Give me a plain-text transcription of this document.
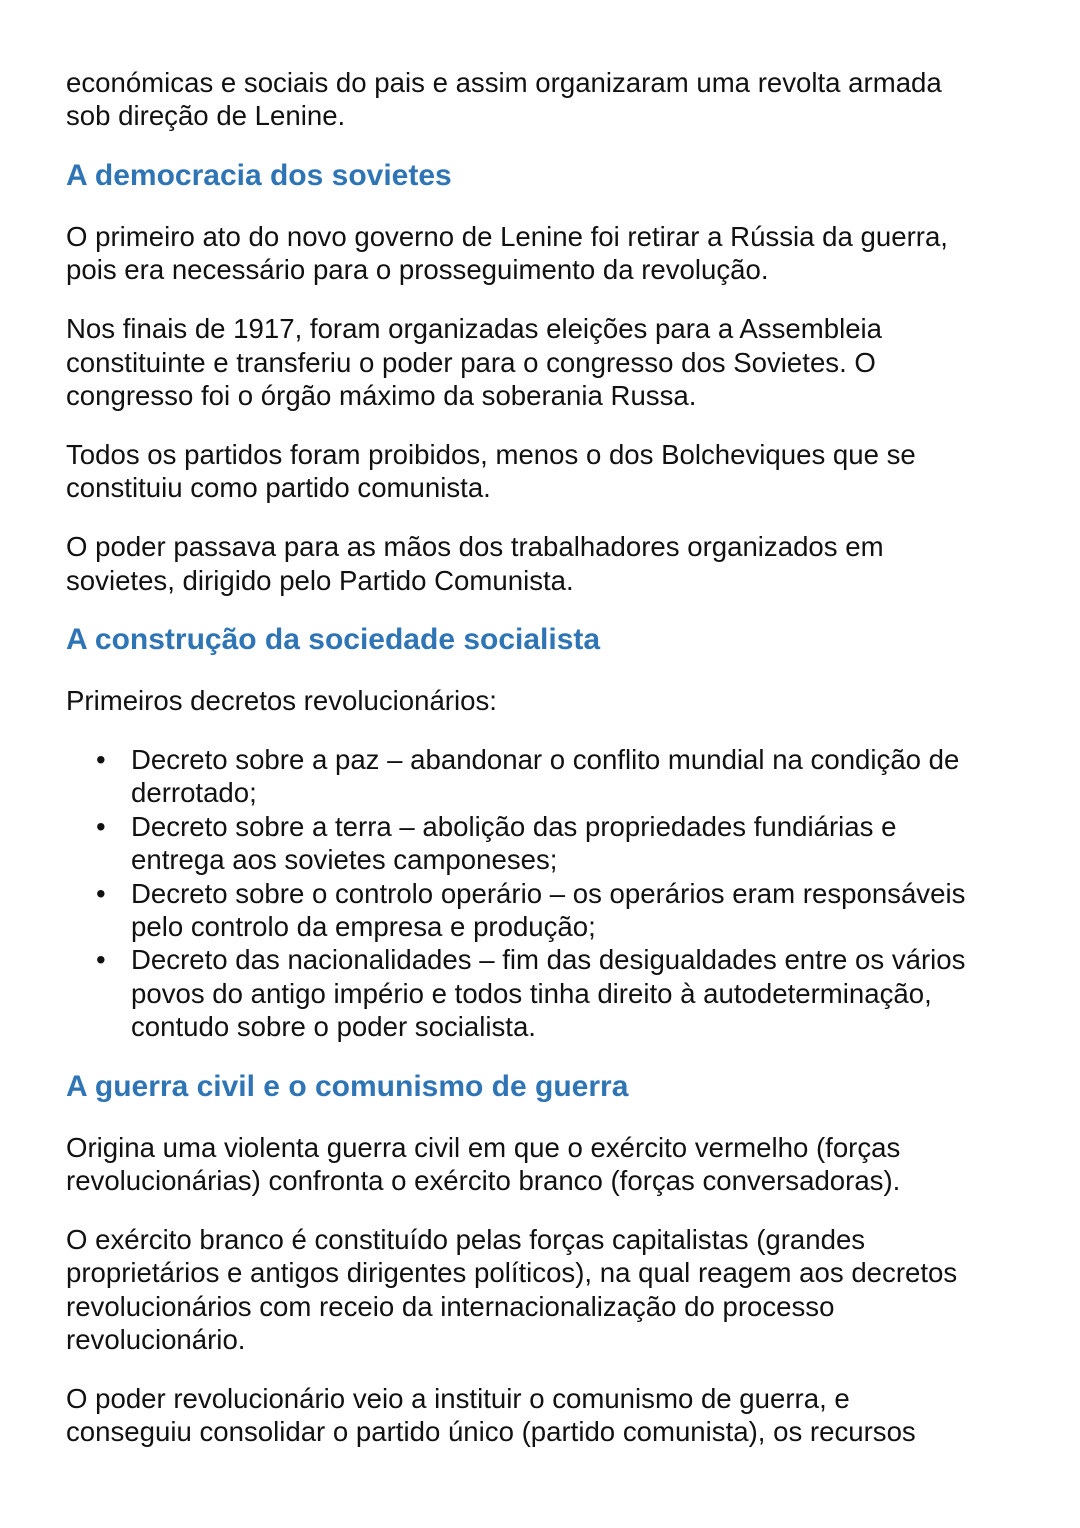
económicas e sociais do pais e assim organizaram uma revolta armada
sob direção de Lenine.
A democracia dos sovietes
O primeiro ato do novo governo de Lenine foi retirar a Rússia da guerra,
pois era necessário para o prosseguimento da revolução.
Nos finais de 1917, foram organizadas eleições para a Assembleia
constituinte e transferiu o poder para o congresso dos Sovietes. O
congresso foi o órgão máximo da soberania Russa.
Todos os partidos foram proibidos, menos o dos Bolcheviques que se
constituiu como partido comunista.
O poder passava para as mãos dos trabalhadores organizados em
sovietes, dirigido pelo Partido Comunista.
A construção da sociedade socialista
Primeiros decretos revolucionários:
• Decreto sobre a paz – abandonar o conflito mundial na condição de
derrotado;
• Decreto sobre a terra – abolição das propriedades fundiárias e
entrega aos sovietes camponeses;
• Decreto sobre o controlo operário – os operários eram responsáveis
pelo controlo da empresa e produção;
• Decreto das nacionalidades – fim das desigualdades entre os vários
povos do antigo império e todos tinha direito à autodeterminação,
contudo sobre o poder socialista.
A guerra civil e o comunismo de guerra
Origina uma violenta guerra civil em que o exército vermelho (forças
revolucionárias) confronta o exército branco (forças conversadoras).
O exército branco é constituído pelas forças capitalistas (grandes
proprietários e antigos dirigentes políticos), na qual reagem aos decretos
revolucionários com receio da internacionalização do processo
revolucionário.
O poder revolucionário veio a instituir o comunismo de guerra, e
conseguiu consolidar o partido único (partido comunista), os recursos
